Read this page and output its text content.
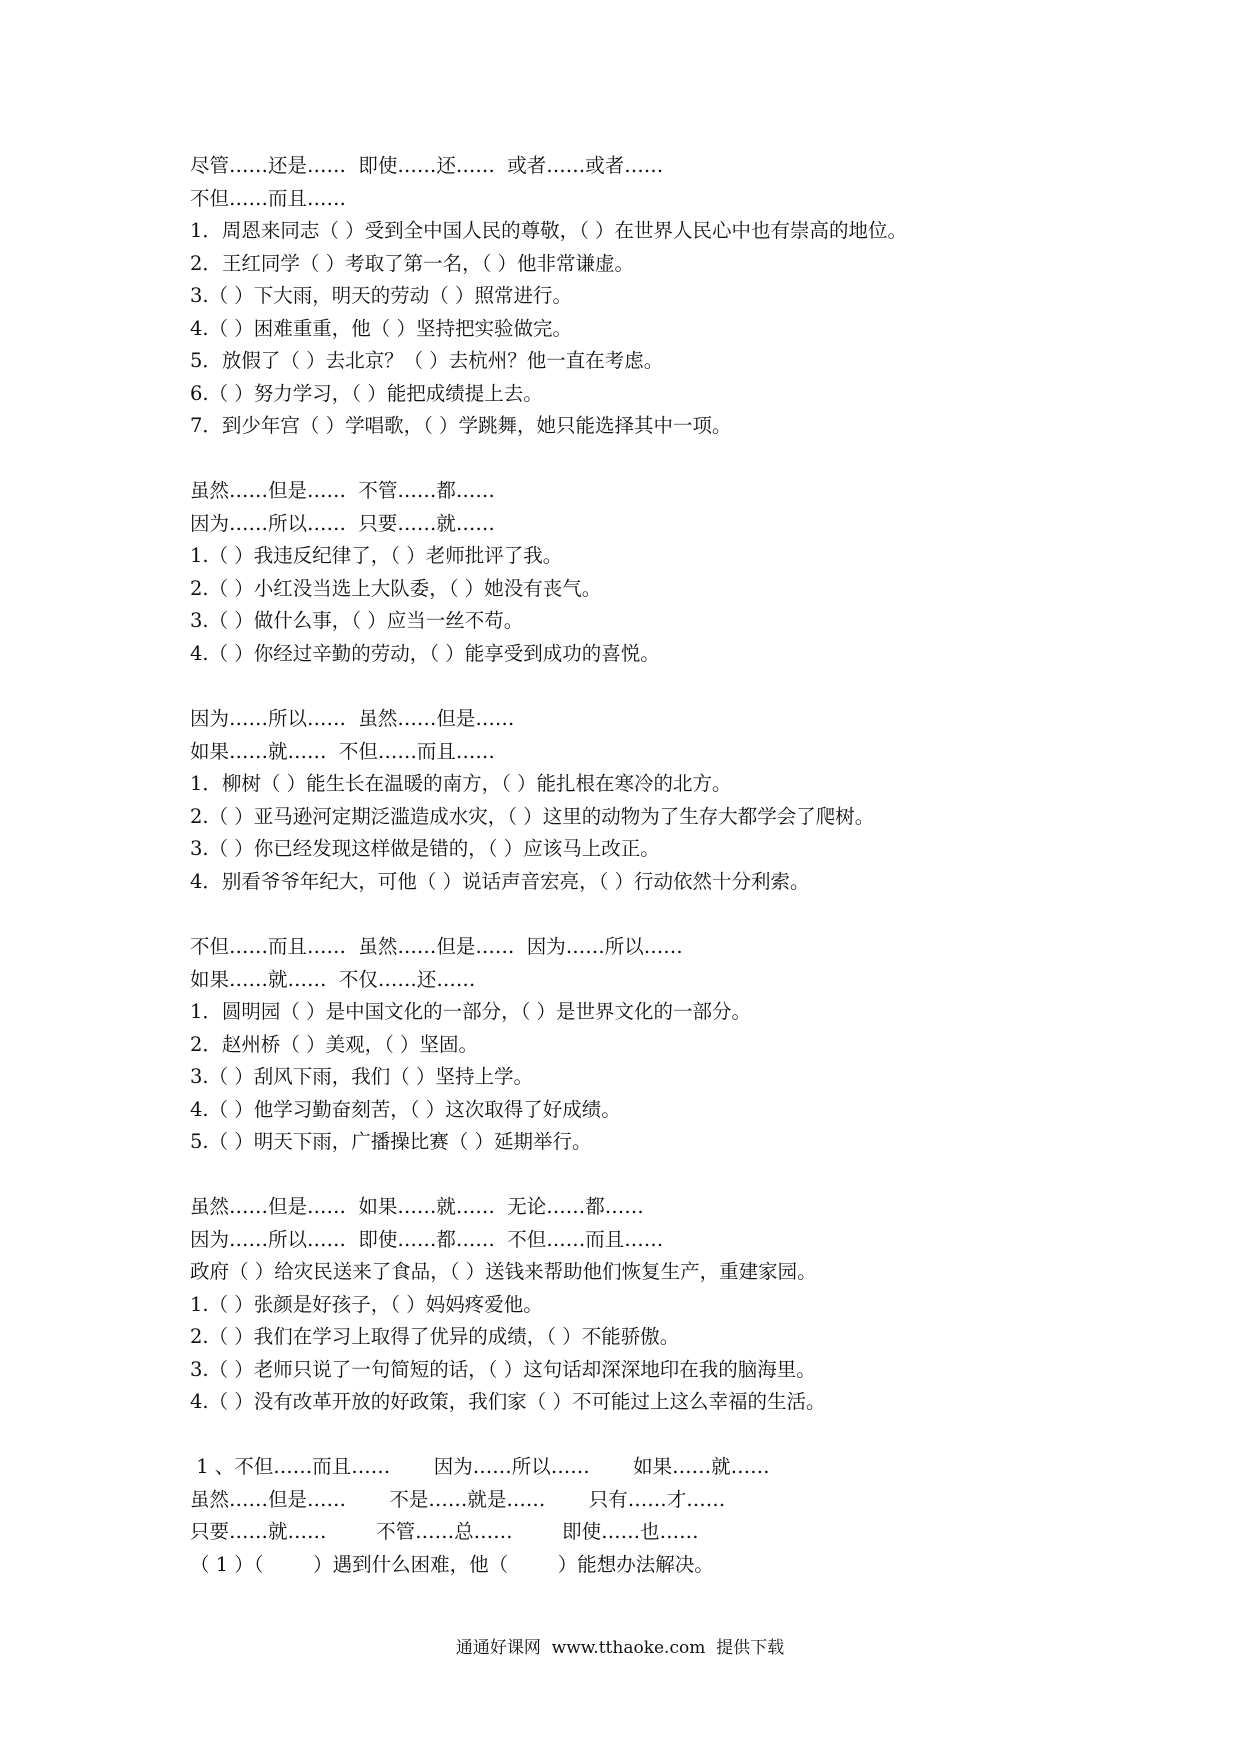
尽管……还是……  即使……还……  或者……或者……
不但……而且……
1．周恩来同志（ ）受到全中国人民的尊敬，（ ）在世界人民心中也有崇高的地位。
2．王红同学（ ）考取了第一名，（ ）他非常谦虚。
3.（ ）下大雨，明天的劳动（ ）照常进行。
4.（ ）困难重重，他（ ）坚持把实验做完。
5．放假了（ ）去北京？（ ）去杭州？他一直在考虑。
6.（ ）努力学习，（ ）能把成绩提上去。
7．到少年宫（ ）学唱歌，（ ）学跳舞，她只能选择其中一项。
虽然……但是……  不管……都……
因为……所以……  只要……就……
1.（ ）我违反纪律了，（ ）老师批评了我。
2.（ ）小红没当选上大队委，（ ）她没有丧气。
3.（ ）做什么事，（ ）应当一丝不苟。
4.（ ）你经过辛勤的劳动，（ ）能享受到成功的喜悦。
因为……所以……  虽然……但是……
如果……就……  不但……而且……
1．柳树（ ）能生长在温暖的南方，（ ）能扎根在寒冷的北方。
2.（ ）亚马逊河定期泛滥造成水灾，（ ）这里的动物为了生存大都学会了爬树。
3.（ ）你已经发现这样做是错的，（ ）应该马上改正。
4．别看爷爷年纪大，可他（ ）说话声音宏亮，（ ）行动依然十分利索。
不但……而且……  虽然……但是……  因为……所以……
如果……就……  不仅……还……
1．圆明园（ ）是中国文化的一部分，（ ）是世界文化的一部分。
2．赵州桥（ ）美观，（ ）坚固。
3.（ ）刮风下雨，我们（ ）坚持上学。
4.（ ）他学习勤奋刻苦，（ ）这次取得了好成绩。
5.（ ）明天下雨，广播操比赛（ ）延期举行。
虽然……但是……  如果……就……  无论……都……
因为……所以……  即使……都……  不但……而且……
政府（ ）给灾民送来了食品，（ ）送钱来帮助他们恢复生产，重建家园。
1.（ ）张颜是好孩子，（ ）妈妈疼爱他。
2.（ ）我们在学习上取得了优异的成绩，（ ）不能骄傲。
3.（ ）老师只说了一句简短的话，（ ）这句话却深深地印在我的脑海里。
4.（ ）没有改革开放的好政策，我们家（ ）不可能过上这么幸福的生活。
1 、不但……而且……       因为……所以……       如果……就……
虽然……但是……       不是……就是……       只有……才……
只要……就……        不管……总……        即使……也……
（ 1 ）（        ）遇到什么困难，他（        ）能想办法解决。
通通好课网  www.tthaoke.com  提供下载
